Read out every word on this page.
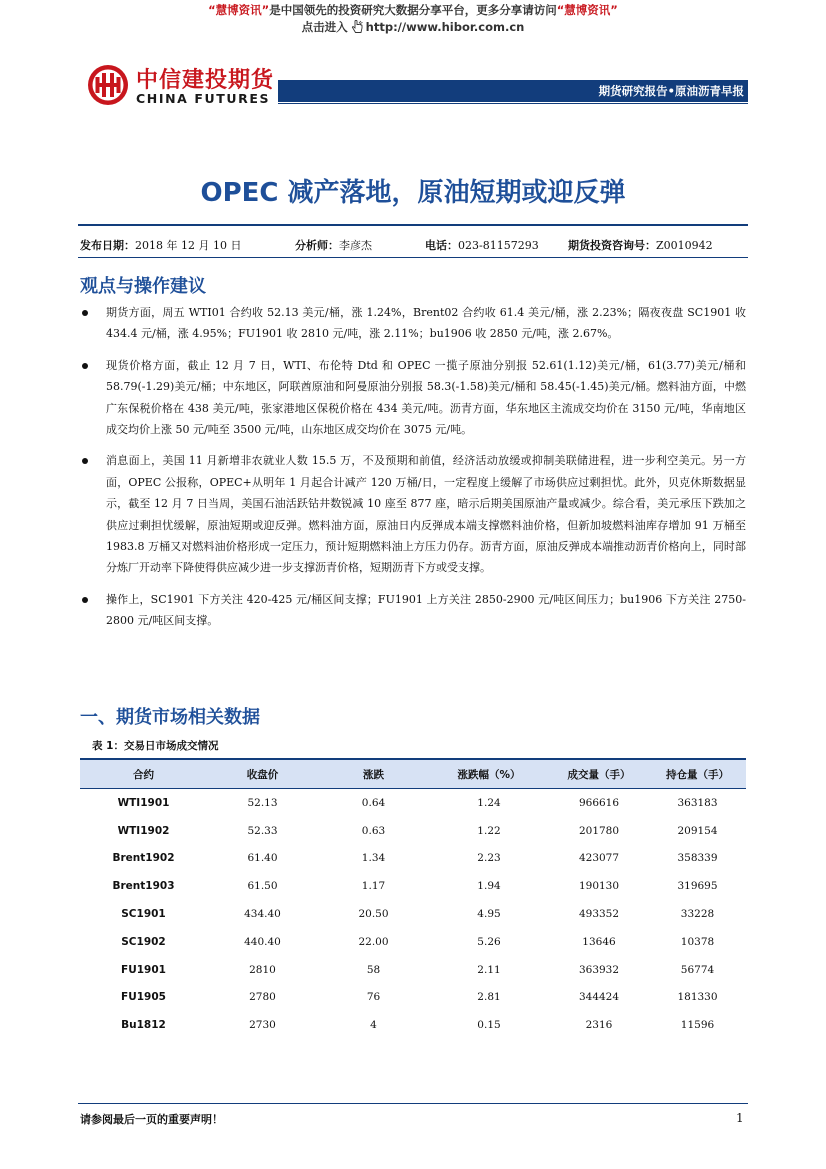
“慧博资讯”是中国领先的投资研究大数据分享平台，更多分享请访问“慧博资讯”
点击进入 http://www.hibor.com.cn
中信建投期货
CHINA FUTURES	期货研究报告•原油沥青早报
OPEC 减产落地，原油短期或迎反弹
发布日期：2018 年 12 月 10 日	分析师：李彦杰	电话：023-81157293	期货投资咨询号：Z0010942
观点与操作建议
期货方面，周五 WTI01 合约收 52.13 美元/桶，涨 1.24%，Brent02 合约收 61.4 美元/桶，涨 2.23%；隔夜夜盘 SC1901 收 434.4 元/桶，涨 4.95%；FU1901 收 2810 元/吨，涨 2.11%；bu1906 收 2850 元/吨，涨 2.67%。
现货价格方面，截止 12 月 7 日，WTI、布伦特 Dtd 和 OPEC 一揽子原油分别报 52.61(1.12)美元/桶，61(3.77)美元/桶和 58.79(-1.29)美元/桶；中东地区，阿联酋原油和阿曼原油分别报 58.3(-1.58)美元/桶和 58.45(-1.45)美元/桶。燃料油方面，中燃广东保税价格在 438 美元/吨，张家港地区保税价格在 434 美元/吨。沥青方面，华东地区主流成交均价在 3150 元/吨，华南地区成交均价上涨 50 元/吨至 3500 元/吨，山东地区成交均价在 3075 元/吨。
消息面上，美国 11 月新增非农就业人数 15.5 万，不及预期和前值，经济活动放缓或抑制美联储进程，进一步利空美元。另一方面，OPEC 公报称，OPEC+从明年 1 月起合计减产 120 万桶/日，一定程度上缓解了市场供应过剩担忧。此外，贝克休斯数据显示，截至 12 月 7 日当周，美国石油活跃钻井数锐减 10 座至 877 座，暗示后期美国原油产量或减少。综合看，美元承压下跌加之供应过剩担忧缓解，原油短期或迎反弹。燃料油方面，原油日内反弹成本端支撑燃料油价格，但新加坡燃料油库存增加 91 万桶至 1983.8 万桶又对燃料油价格形成一定压力，预计短期燃料油上方压力仍存。沥青方面，原油反弹成本端推动沥青价格向上，同时部分炼厂开动率下降使得供应减少进一步支撑沥青价格，短期沥青下方或受支撑。
操作上，SC1901 下方关注 420-425 元/桶区间支撑；FU1901 上方关注 2850-2900 元/吨区间压力；bu1906 下方关注 2750-2800 元/吨区间支撑。
一、期货市场相关数据
表 1：交易日市场成交情况
合约	收盘价	涨跌	涨跌幅（%）	成交量（手）	持仓量（手）
WTI1901	52.13	0.64	1.24	966616	363183
WTI1902	52.33	0.63	1.22	201780	209154
Brent1902	61.40	1.34	2.23	423077	358339
Brent1903	61.50	1.17	1.94	190130	319695
SC1901	434.40	20.50	4.95	493352	33228
SC1902	440.40	22.00	5.26	13646	10378
FU1901	2810	58	2.11	363932	56774
FU1905	2780	76	2.81	344424	181330
Bu1812	2730	4	0.15	2316	11596
请参阅最后一页的重要声明！	1
